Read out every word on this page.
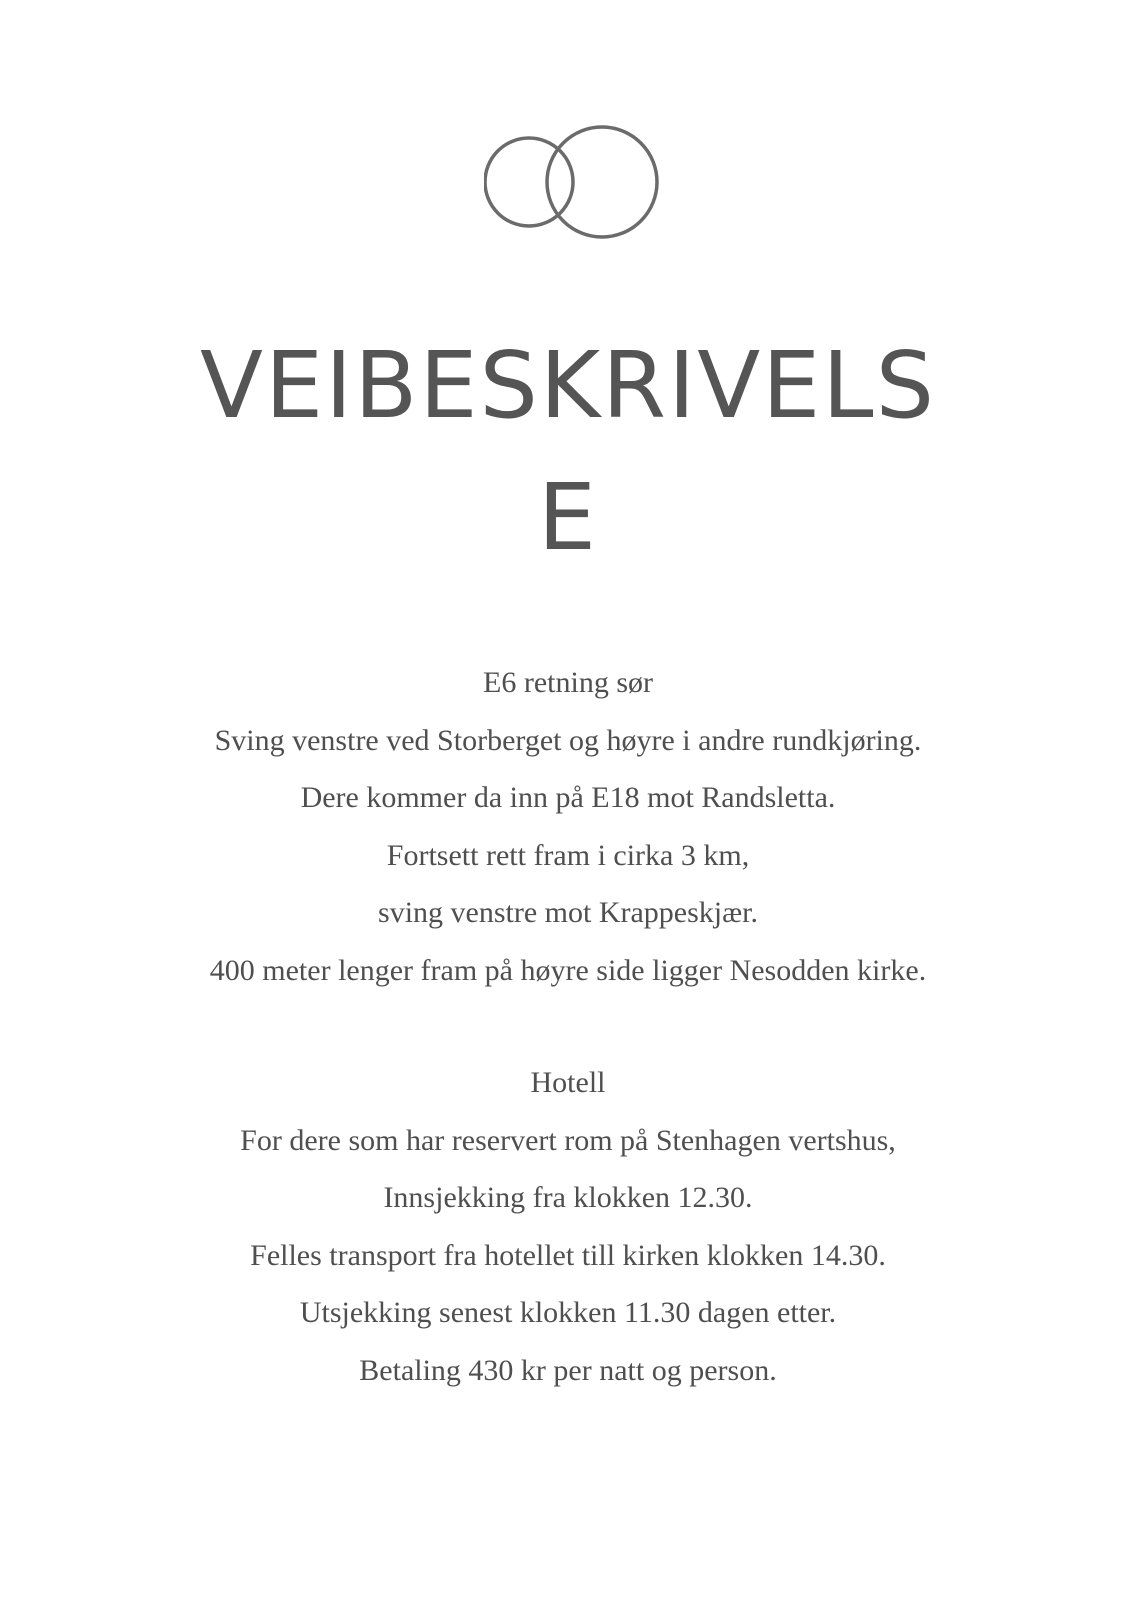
VEIBESKRIVELS
E
E6 retning sør
Sving venstre ved Storberget og høyre i andre rundkjøring.
Dere kommer da inn på E18 mot Randsletta.
Fortsett rett fram i cirka 3 km,
sving venstre mot Krappeskjær.
400 meter lenger fram på høyre side ligger Nesodden kirke.
Hotell
For dere som har reservert rom på Stenhagen vertshus,
Innsjekking fra klokken 12.30.
Felles transport fra hotellet till kirken klokken 14.30.
Utsjekking senest klokken 11.30 dagen etter.
Betaling 430 kr per natt og person.
